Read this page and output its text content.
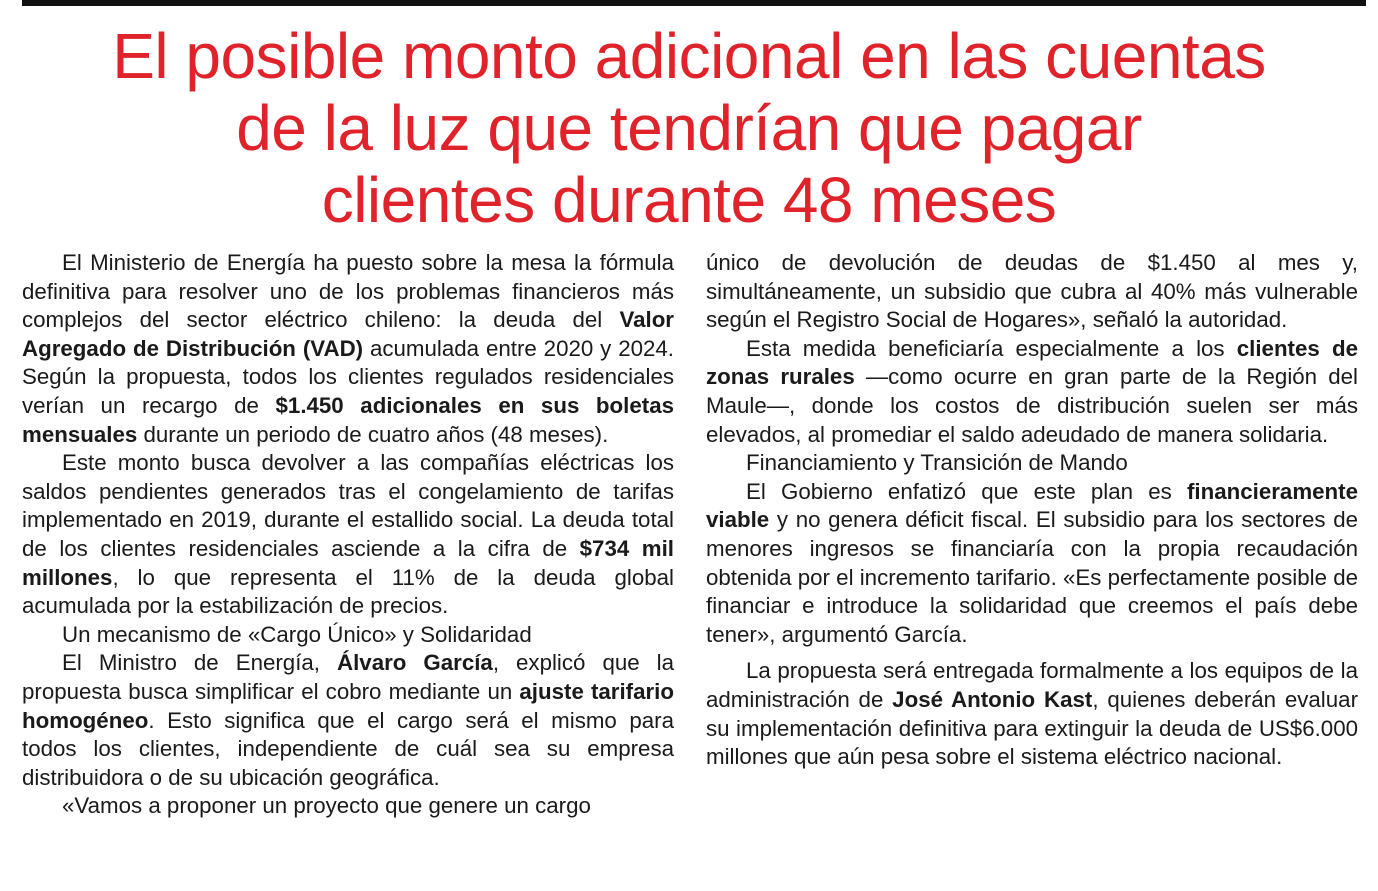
El posible monto adicional en las cuentas
de la luz que tendrían que pagar
clientes durante 48 meses

El Ministerio de Energía ha puesto sobre la mesa la fórmula definitiva para resolver uno de los problemas financieros más complejos del sector eléctrico chileno: la deuda del Valor Agregado de Distribución (VAD) acumulada entre 2020 y 2024. Según la propuesta, todos los clientes regulados residenciales verían un recargo de $1.450 adicionales en sus boletas mensuales durante un periodo de cuatro años (48 meses).

Este monto busca devolver a las compañías eléctricas los saldos pendientes generados tras el congelamiento de tarifas implementado en 2019, durante el estallido social. La deuda total de los clientes residenciales asciende a la cifra de $734 mil millones, lo que representa el 11% de la deuda global acumulada por la estabilización de precios.

Un mecanismo de «Cargo Único» y Solidaridad

El Ministro de Energía, Álvaro García, explicó que la propuesta busca simplificar el cobro mediante un ajuste tarifario homogéneo. Esto significa que el cargo será el mismo para todos los clientes, independiente de cuál sea su empresa distribuidora o de su ubicación geográfica.

«Vamos a proponer un proyecto que genere un cargo

único de devolución de deudas de $1.450 al mes y, simultáneamente, un subsidio que cubra al 40% más vulnerable según el Registro Social de Hogares», señaló la autoridad.

Esta medida beneficiaría especialmente a los clientes de zonas rurales —como ocurre en gran parte de la Región del Maule—, donde los costos de distribución suelen ser más elevados, al promediar el saldo adeudado de manera solidaria.

Financiamiento y Transición de Mando

El Gobierno enfatizó que este plan es financieramente viable y no genera déficit fiscal. El subsidio para los sectores de menores ingresos se financiaría con la propia recaudación obtenida por el incremento tarifario. «Es perfectamente posible de financiar e introduce la solidaridad que creemos el país debe tener», argumentó García.

La propuesta será entregada formalmente a los equipos de la administración de José Antonio Kast, quienes deberán evaluar su implementación definitiva para extinguir la deuda de US$6.000 millones que aún pesa sobre el sistema eléctrico nacional.
